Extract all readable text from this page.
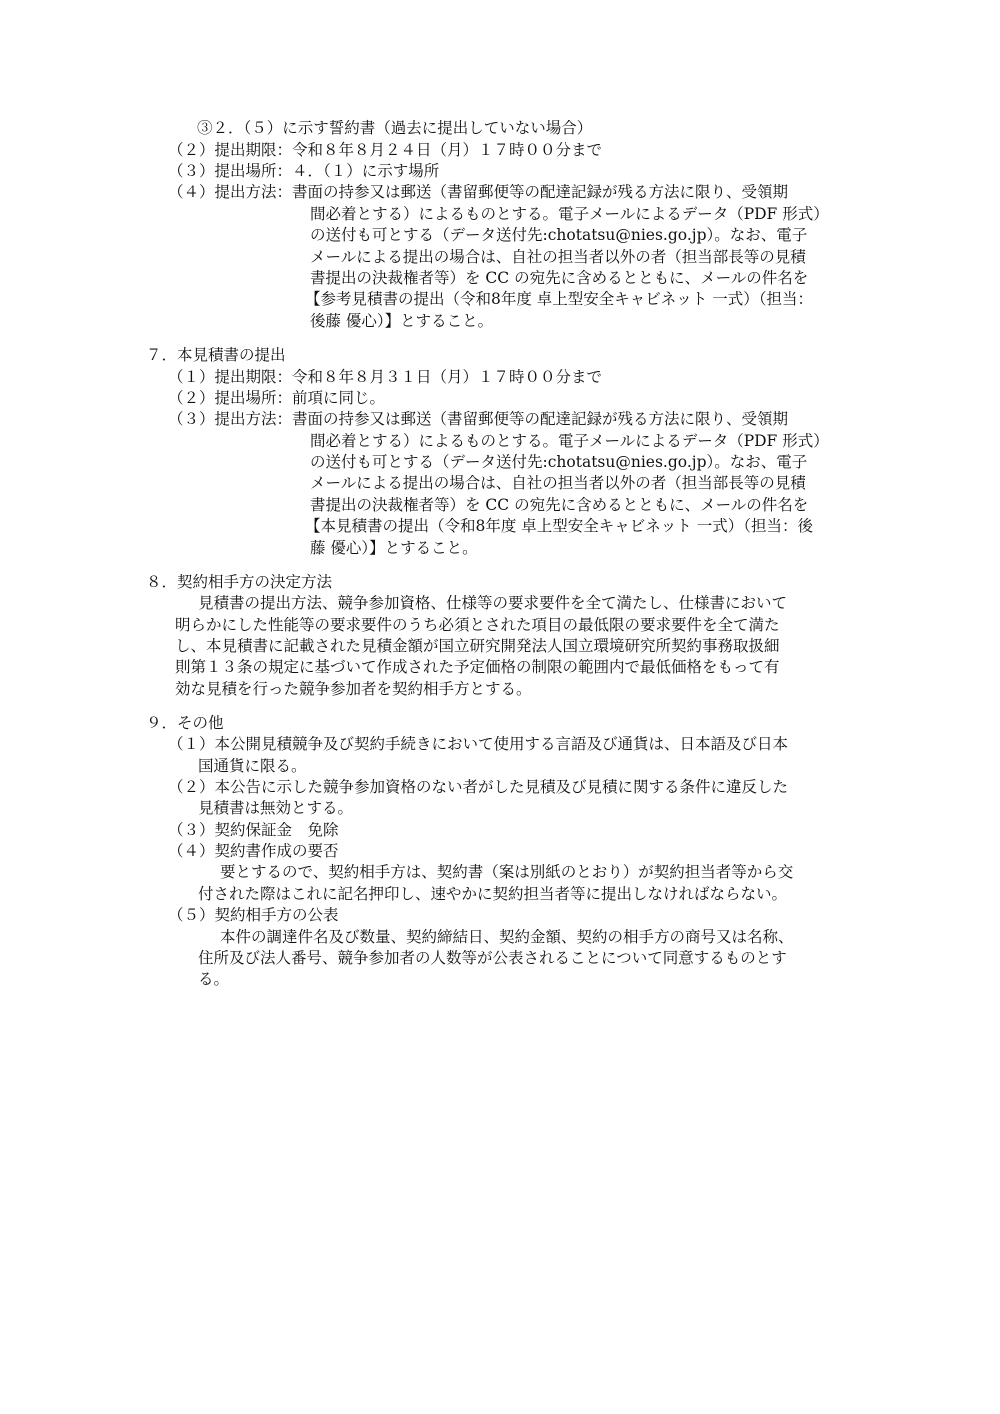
③２．（５）に示す誓約書（過去に提出していない場合）
（２）提出期限：令和８年８月２４日（月）１７時００分まで
（３）提出場所：４．（１）に示す場所
（４）提出方法：書面の持参又は郵送（書留郵便等の配達記録が残る方法に限り、受領期
間必着とする）によるものとする。電子メールによるデータ（PDF 形式）
の送付も可とする（データ送付先:chotatsu@nies.go.jp）。なお、電子
メールによる提出の場合は、自社の担当者以外の者（担当部長等の見積
書提出の決裁権者等）を CC の宛先に含めるとともに、メールの件名を
【参考見積書の提出（令和8年度 卓上型安全キャビネット 一式）（担当：
後藤 優心）】とすること。
７．本見積書の提出
（１）提出期限：令和８年８月３１日（月）１７時００分まで
（２）提出場所：前項に同じ。
（３）提出方法：書面の持参又は郵送（書留郵便等の配達記録が残る方法に限り、受領期
間必着とする）によるものとする。電子メールによるデータ（PDF 形式）
の送付も可とする（データ送付先:chotatsu@nies.go.jp）。なお、電子
メールによる提出の場合は、自社の担当者以外の者（担当部長等の見積
書提出の決裁権者等）を CC の宛先に含めるとともに、メールの件名を
【本見積書の提出（令和8年度 卓上型安全キャビネット 一式）（担当：後
藤 優心）】とすること。
８．契約相手方の決定方法
見積書の提出方法、競争参加資格、仕様等の要求要件を全て満たし、仕様書において
明らかにした性能等の要求要件のうち必須とされた項目の最低限の要求要件を全て満た
し、本見積書に記載された見積金額が国立研究開発法人国立環境研究所契約事務取扱細
則第１３条の規定に基づいて作成された予定価格の制限の範囲内で最低価格をもって有
効な見積を行った競争参加者を契約相手方とする。
９．その他
（１）本公開見積競争及び契約手続きにおいて使用する言語及び通貨は、日本語及び日本
国通貨に限る。
（２）本公告に示した競争参加資格のない者がした見積及び見積に関する条件に違反した
見積書は無効とする。
（３）契約保証金　免除
（４）契約書作成の要否
要とするので、契約相手方は、契約書（案は別紙のとおり）が契約担当者等から交
付された際はこれに記名押印し、速やかに契約担当者等に提出しなければならない。
（５）契約相手方の公表
本件の調達件名及び数量、契約締結日、契約金額、契約の相手方の商号又は名称、
住所及び法人番号、競争参加者の人数等が公表されることについて同意するものとす
る。
